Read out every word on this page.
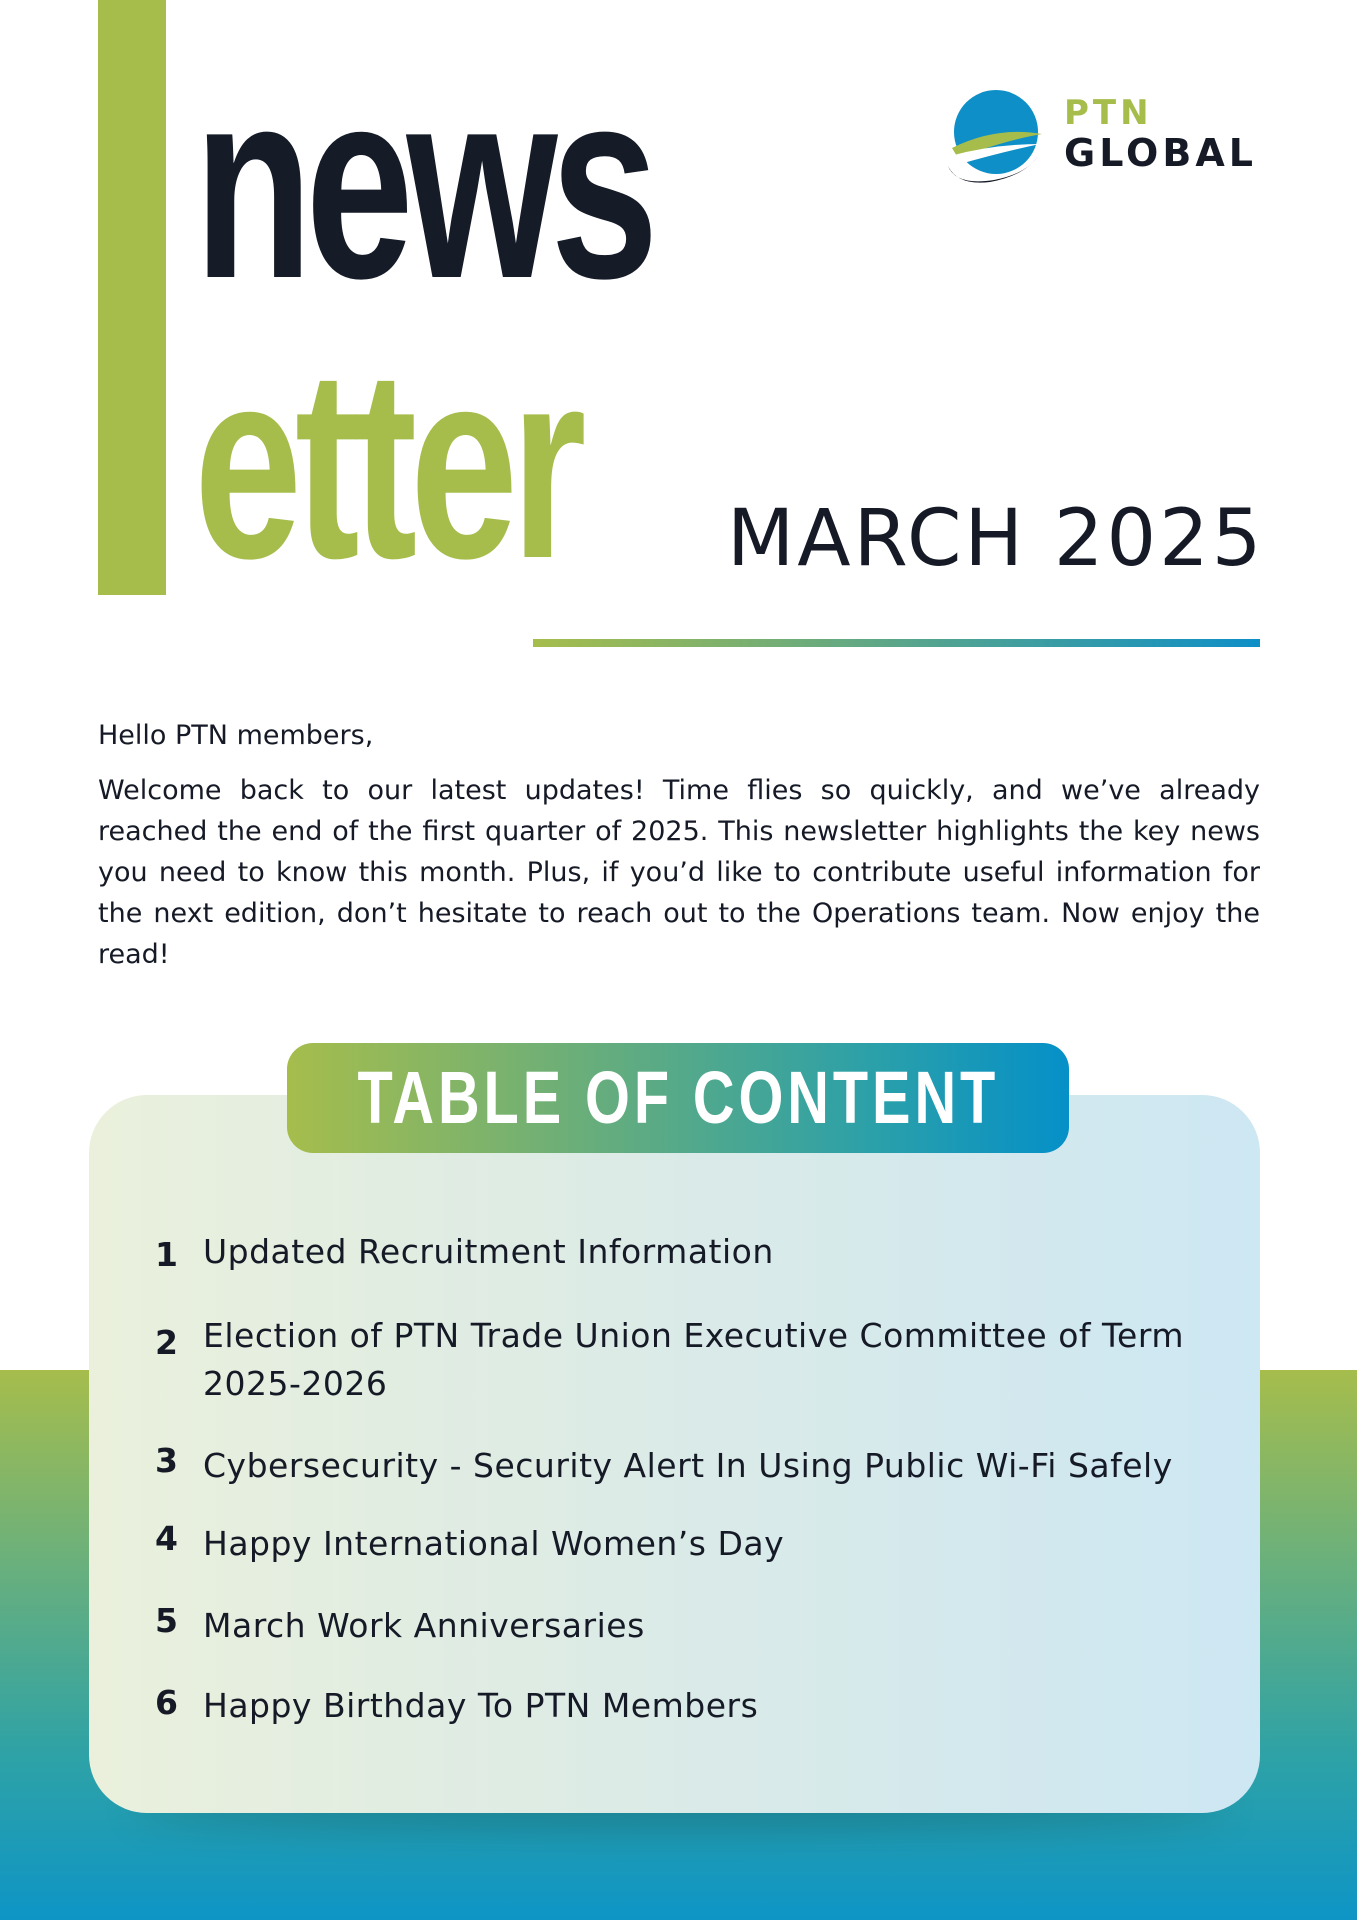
news
etter MARCH 2025
PTN
GLOBAL

Hello PTN members,

Welcome back to our latest updates! Time flies so quickly, and we’ve already reached the end of the first quarter of 2025. This newsletter highlights the key news you need to know this month. Plus, if you’d like to contribute useful information for the next edition, don’t hesitate to reach out to the Operations team. Now enjoy the read!

TABLE OF CONTENT
1 Updated Recruitment Information
2 Election of PTN Trade Union Executive Committee of Term 2025-2026
3 Cybersecurity - Security Alert In Using Public Wi-Fi Safely
4 Happy International Women’s Day
5 March Work Anniversaries
6 Happy Birthday To PTN Members
